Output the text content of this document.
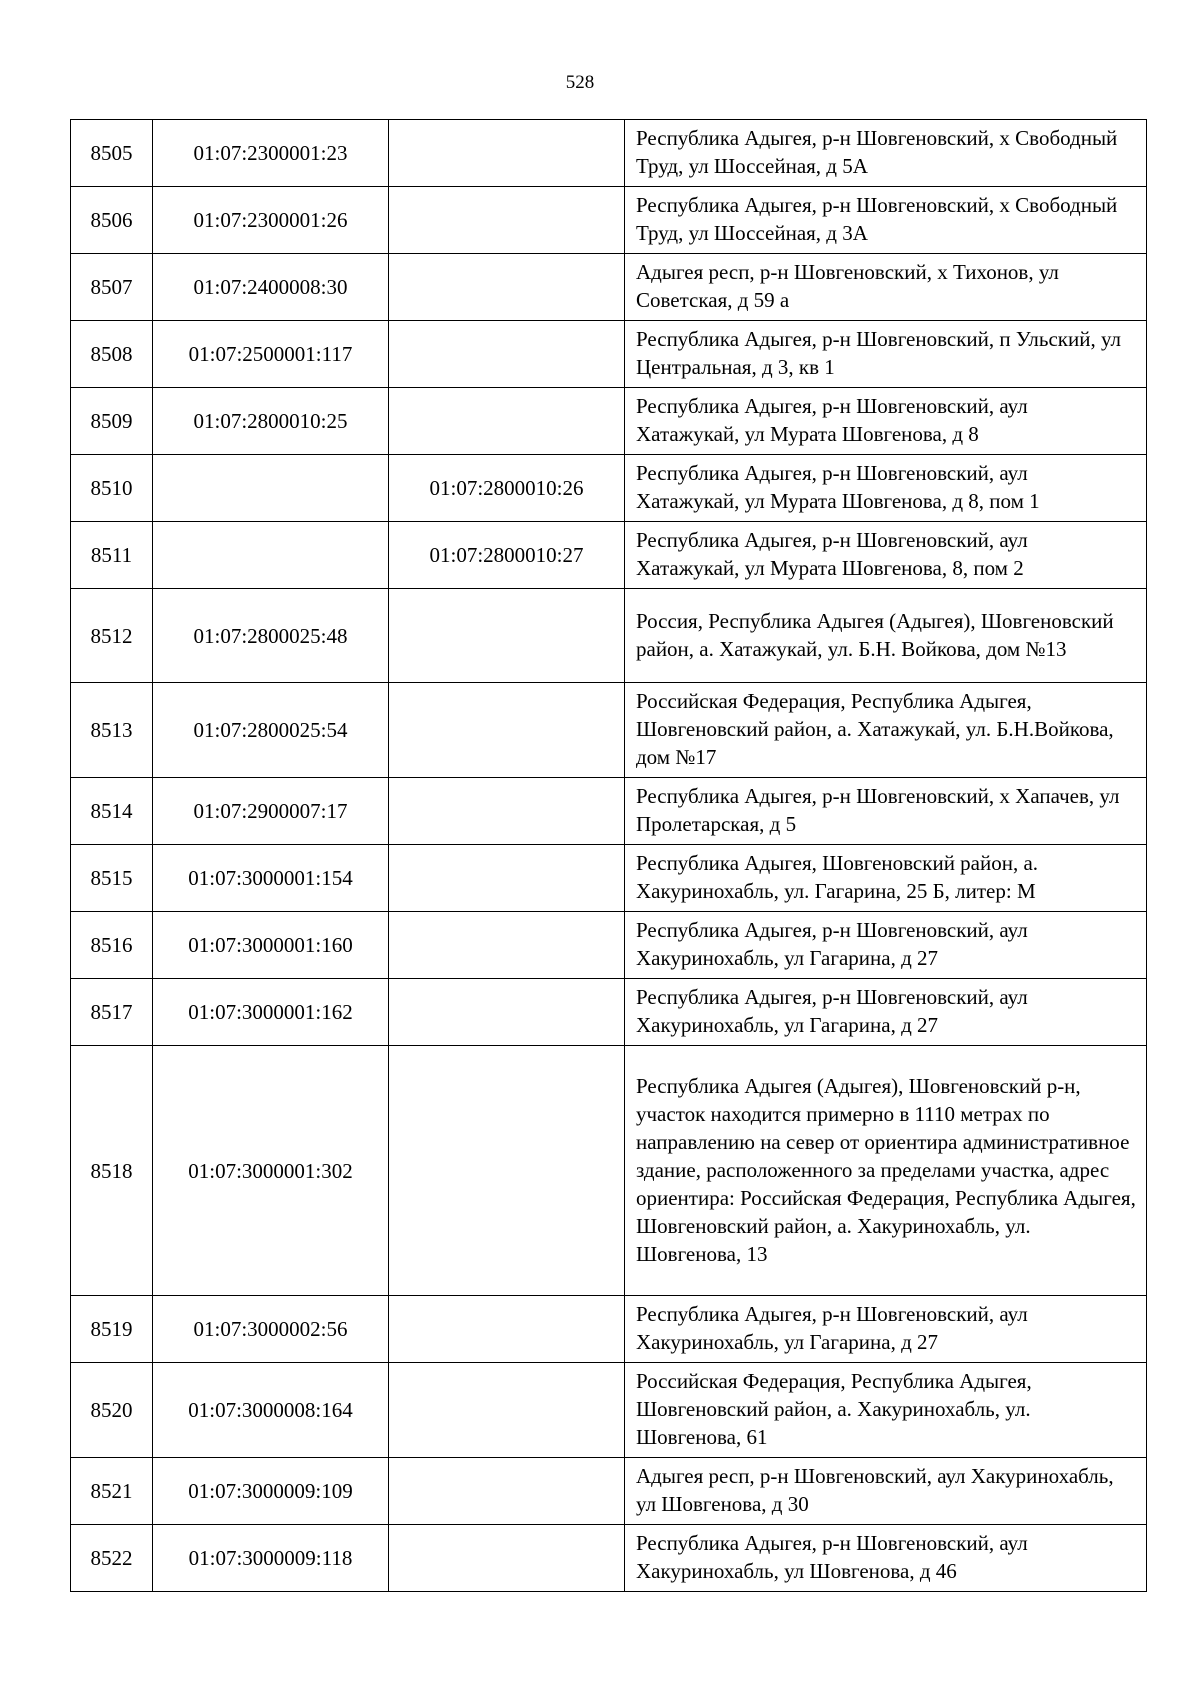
528
8505	01:07:2300001:23		Республика Адыгея, р-н Шовгеновский, х Свободный Труд, ул Шоссейная, д 5А
8506	01:07:2300001:26		Республика Адыгея, р-н Шовгеновский, х Свободный Труд, ул Шоссейная, д 3А
8507	01:07:2400008:30		Адыгея респ, р-н Шовгеновский, х Тихонов, ул Советская, д 59 а
8508	01:07:2500001:117		Республика Адыгея, р-н Шовгеновский, п Ульский, ул Центральная, д 3, кв 1
8509	01:07:2800010:25		Республика Адыгея, р-н Шовгеновский, аул Хатажукай, ул Мурата Шовгенова, д 8
8510		01:07:2800010:26	Республика Адыгея, р-н Шовгеновский, аул Хатажукай, ул Мурата Шовгенова, д 8, пом 1
8511		01:07:2800010:27	Республика Адыгея, р-н Шовгеновский, аул Хатажукай, ул Мурата Шовгенова, 8, пом 2
8512	01:07:2800025:48		Россия, Республика Адыгея (Адыгея), Шовгеновский район, а. Хатажукай, ул. Б.Н. Войкова, дом №13
8513	01:07:2800025:54		Российская Федерация, Республика Адыгея, Шовгеновский район, а. Хатажукай, ул. Б.Н.Войкова, дом №17
8514	01:07:2900007:17		Республика Адыгея, р-н Шовгеновский, х Хапачев, ул Пролетарская, д 5
8515	01:07:3000001:154		Республика Адыгея, Шовгеновский район, а. Хакуринохабль, ул. Гагарина, 25 Б, литер: М
8516	01:07:3000001:160		Республика Адыгея, р-н Шовгеновский, аул Хакуринохабль, ул Гагарина, д 27
8517	01:07:3000001:162		Республика Адыгея, р-н Шовгеновский, аул Хакуринохабль, ул Гагарина, д 27
8518	01:07:3000001:302		Республика Адыгея (Адыгея), Шовгеновский р-н, участок находится примерно в 1110 метрах по направлению на север от ориентира административное здание, расположенного за пределами участка, адрес ориентира: Российская Федерация, Республика Адыгея, Шовгеновский район, а. Хакуринохабль, ул. Шовгенова, 13
8519	01:07:3000002:56		Республика Адыгея, р-н Шовгеновский, аул Хакуринохабль, ул Гагарина, д 27
8520	01:07:3000008:164		Российская Федерация, Республика Адыгея, Шовгеновский район, а. Хакуринохабль, ул. Шовгенова, 61
8521	01:07:3000009:109		Адыгея респ, р-н Шовгеновский, аул Хакуринохабль, ул Шовгенова, д 30
8522	01:07:3000009:118		Республика Адыгея, р-н Шовгеновский, аул Хакуринохабль, ул Шовгенова, д 46
